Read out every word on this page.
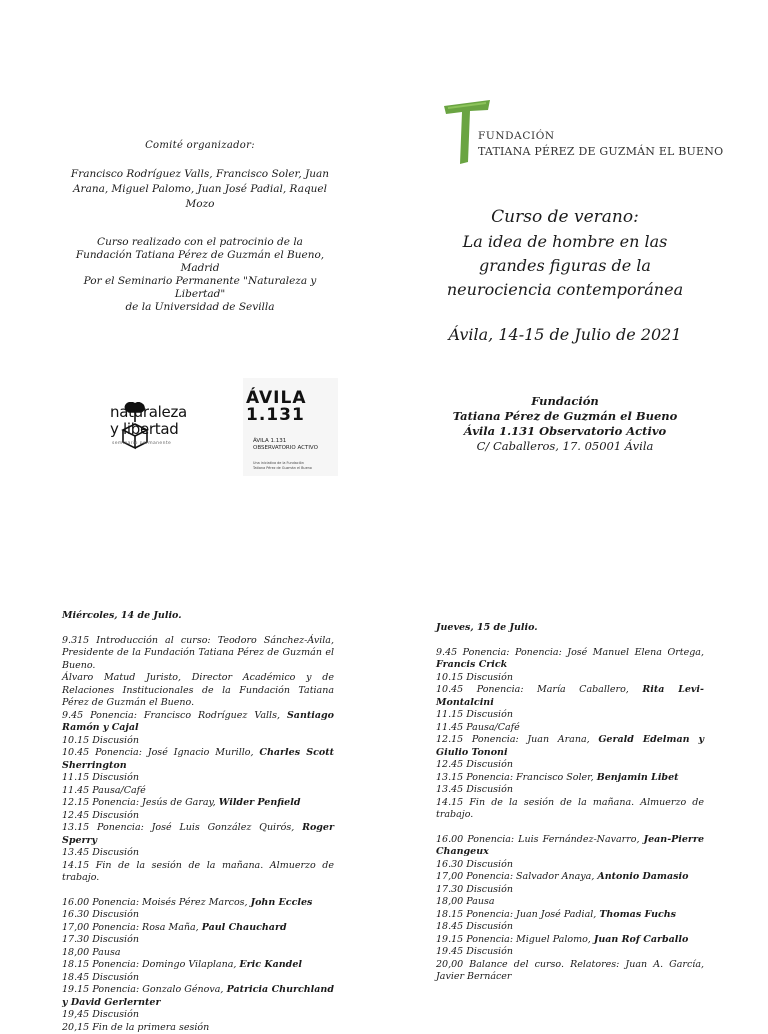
Comité organizador:
Francisco Rodríguez Valls, Francisco Soler, Juan Arana, Miguel Palomo, Juan José Padial, Raquel Mozo
Curso realizado con el patrocinio de la
Fundación Tatiana Pérez de Guzmán el Bueno,
Madrid
Por el Seminario Permanente "Naturaleza y
Libertad"
de la Universidad de Sevilla
naturaleza
y libertad
seminario permanente
ÁVILA
1.131
ÁVILA 1.131
OBSERVATORIO ACTIVO
Una iniciativa de la Fundación
Tatiana Pérez de Guzmán el Bueno
FUNDACIÓN
TATIANA PÉREZ DE GUZMÁN EL BUENO
Curso de verano:
La idea de hombre en las
grandes figuras de la
neurociencia contemporánea
Ávila, 14-15 de Julio de 2021
Fundación
Tatiana Pérez de Guzmán el Bueno
Ávila 1.131 Observatorio Activo
C/ Caballeros, 17. 05001 Ávila
Miércoles, 14 de Julio.
9.315 Introducción al curso: Teodoro Sánchez-Ávila, Presidente de la Fundación Tatiana Pérez de Guzmán el Bueno.
Álvaro Matud Juristo, Director Académico y de Relaciones Institucionales de la Fundación Tatiana Pérez de Guzmán el Bueno.
9.45 Ponencia: Francisco Rodríguez Valls, Santiago Ramón y Cajal
10.15 Discusión
10.45 Ponencia: José Ignacio Murillo, Charles Scott Sherrington
11.15 Discusión
11.45 Pausa/Café
12.15 Ponencia: Jesús de Garay, Wilder Penfield
12.45 Discusión
13.15 Ponencia: José Luis González Quirós, Roger Sperry
13.45 Discusión
14.15 Fin de la sesión de la mañana. Almuerzo de trabajo.
16.00 Ponencia: Moisés Pérez Marcos, John Eccles
16.30 Discusión
17,00 Ponencia: Rosa Maña, Paul Chauchard
17.30 Discusión
18,00 Pausa
18.15 Ponencia: Domingo Vilaplana, Eric Kandel
18.45 Discusión
19.15 Ponencia: Gonzalo Génova, Patricia Churchland y David Gerlernter
19,45 Discusión
20,15 Fin de la primera sesión
Jueves, 15 de Julio.
9.45 Ponencia: Ponencia: José Manuel Elena Ortega, Francis Crick
10.15 Discusión
10.45 Ponencia: María Caballero, Rita Levi-Montalcini
11.15 Discusión
11.45 Pausa/Café
12.15 Ponencia: Juan Arana, Gerald Edelman y Giulio Tononi
12.45 Discusión
13.15 Ponencia: Francisco Soler, Benjamin Libet
13.45 Discusión
14.15 Fin de la sesión de la mañana. Almuerzo de trabajo.
16.00 Ponencia: Luis Fernández-Navarro, Jean-Pierre Changeux
16.30 Discusión
17,00 Ponencia: Salvador Anaya, Antonio Damasio
17.30 Discusión
18,00 Pausa
18.15 Ponencia: Juan José Padial, Thomas Fuchs
18.45 Discusión
19.15 Ponencia: Miguel Palomo, Juan Rof Carballo
19.45 Discusión
20,00 Balance del curso. Relatores: Juan A. García, Javier Bernácer
